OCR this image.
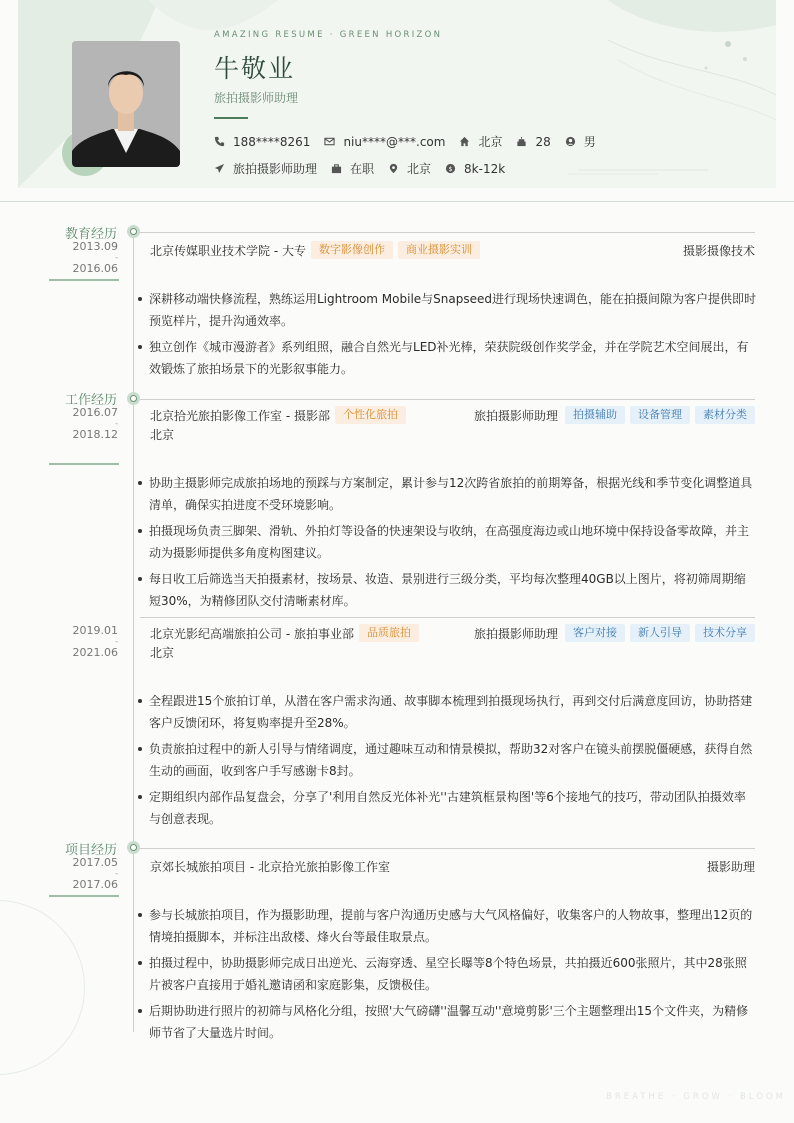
AMAZING RESUME · GREEN HORIZON
牛敬业
旅拍摄影师助理
188****8261	niu****@***.com	北京	28	男
旅拍摄影师助理	在职	北京 $ 8k-12k
教育经历
2013.09
-
2016.06
北京传媒职业技术学院 - 大专	数字影像创作	商业摄影实训	摄影摄像技术
深耕移动端快修流程，熟练运用Lightroom Mobile与Snapseed进行现场快速调色，能在拍摄间隙为客户提供即时预览样片，提升沟通效率。
独立创作《城市漫游者》系列组照，融合自然光与LED补光棒，荣获院级创作奖学金，并在学院艺术空间展出，有效锻炼了旅拍场景下的光影叙事能力。
工作经历
2016.07
-
2018.12
北京拾光旅拍影像工作室 - 摄影部	个性化旅拍	旅拍摄影师助理	拍摄辅助	设备管理	素材分类
北京
协助主摄影师完成旅拍场地的预踩与方案制定，累计参与12次跨省旅拍的前期筹备，根据光线和季节变化调整道具清单，确保实拍进度不受环境影响。
拍摄现场负责三脚架、滑轨、外拍灯等设备的快速架设与收纳，在高强度海边或山地环境中保持设备零故障，并主动为摄影师提供多角度构图建议。
每日收工后筛选当天拍摄素材，按场景、妆造、景别进行三级分类，平均每次整理40GB以上图片，将初筛周期缩短30%，为精修团队交付清晰素材库。
2019.01
-
2021.06
北京光影纪高端旅拍公司 - 旅拍事业部	品质旅拍	旅拍摄影师助理	客户对接	新人引导	技术分享
北京
全程跟进15个旅拍订单，从潜在客户需求沟通、故事脚本梳理到拍摄现场执行，再到交付后满意度回访，协助搭建客户反馈闭环，将复购率提升至28%。
负责旅拍过程中的新人引导与情绪调度，通过趣味互动和情景模拟，帮助32对客户在镜头前摆脱僵硬感，获得自然生动的画面，收到客户手写感谢卡8封。
定期组织内部作品复盘会，分享了'利用自然反光体补光''古建筑框景构图'等6个接地气的技巧，带动团队拍摄效率与创意表现。
项目经历
2017.05
-
2017.06
京郊长城旅拍项目 - 北京拾光旅拍影像工作室	摄影助理
参与长城旅拍项目，作为摄影助理，提前与客户沟通历史感与大气风格偏好，收集客户的人物故事，整理出12页的情境拍摄脚本，并标注出敌楼、烽火台等最佳取景点。
拍摄过程中，协助摄影师完成日出逆光、云海穿透、星空长曝等8个特色场景，共拍摄近600张照片，其中28张照片被客户直接用于婚礼邀请函和家庭影集，反馈极佳。
后期协助进行照片的初筛与风格化分组，按照'大气磅礴''温馨互动''意境剪影'三个主题整理出15个文件夹，为精修师节省了大量选片时间。
BREATHE · GROW · BLOOM
